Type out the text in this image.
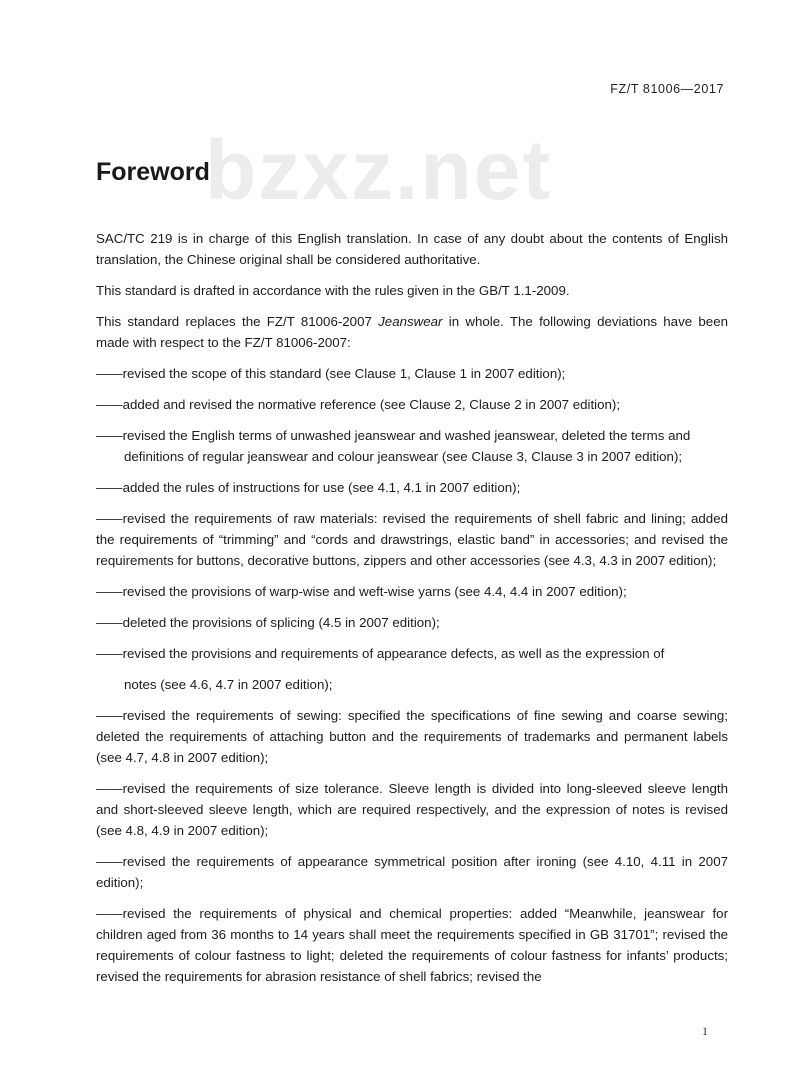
FZ/T 81006—2017
bzxz.net
Foreword

SAC/TC 219 is in charge of this English translation. In case of any doubt about the contents of English translation, the Chinese original shall be considered authoritative.

This standard is drafted in accordance with the rules given in the GB/T 1.1-2009.

This standard replaces the FZ/T 81006-2007 Jeanswear in whole. The following deviations have been made with respect to the FZ/T 81006-2007:

——revised the scope of this standard (see Clause 1, Clause 1 in 2007 edition);

——added and revised the normative reference (see Clause 2, Clause 2 in 2007 edition);

——revised the English terms of unwashed jeanswear and washed jeanswear, deleted the terms and

definitions of regular jeanswear and colour jeanswear (see Clause 3, Clause 3 in 2007 edition);

——added the rules of instructions for use (see 4.1, 4.1 in 2007 edition);

——revised the requirements of raw materials: revised the requirements of shell fabric and lining; added the requirements of “trimming” and “cords and drawstrings, elastic band” in accessories; and revised the requirements for buttons, decorative buttons, zippers and other accessories (see 4.3, 4.3 in 2007 edition);

——revised the provisions of warp-wise and weft-wise yarns (see 4.4, 4.4 in 2007 edition);

——deleted the provisions of splicing (4.5 in 2007 edition);

——revised the provisions and requirements of appearance defects, as well as the expression of

notes (see 4.6, 4.7 in 2007 edition);

——revised the requirements of sewing: specified the specifications of fine sewing and coarse sewing; deleted the requirements of attaching button and the requirements of trademarks and permanent labels (see 4.7, 4.8 in 2007 edition);

——revised the requirements of size tolerance. Sleeve length is divided into long-sleeved sleeve length and short-sleeved sleeve length, which are required respectively, and the expression of notes is revised (see 4.8, 4.9 in 2007 edition);

——revised the requirements of appearance symmetrical position after ironing (see 4.10, 4.11 in 2007 edition);

——revised the requirements of physical and chemical properties: added “Meanwhile, jeanswear for children aged from 36 months to 14 years shall meet the requirements specified in GB 31701”; revised the requirements of colour fastness to light; deleted the requirements of colour fastness for infants’ products; revised the requirements for abrasion resistance of shell fabrics; revised the

1
